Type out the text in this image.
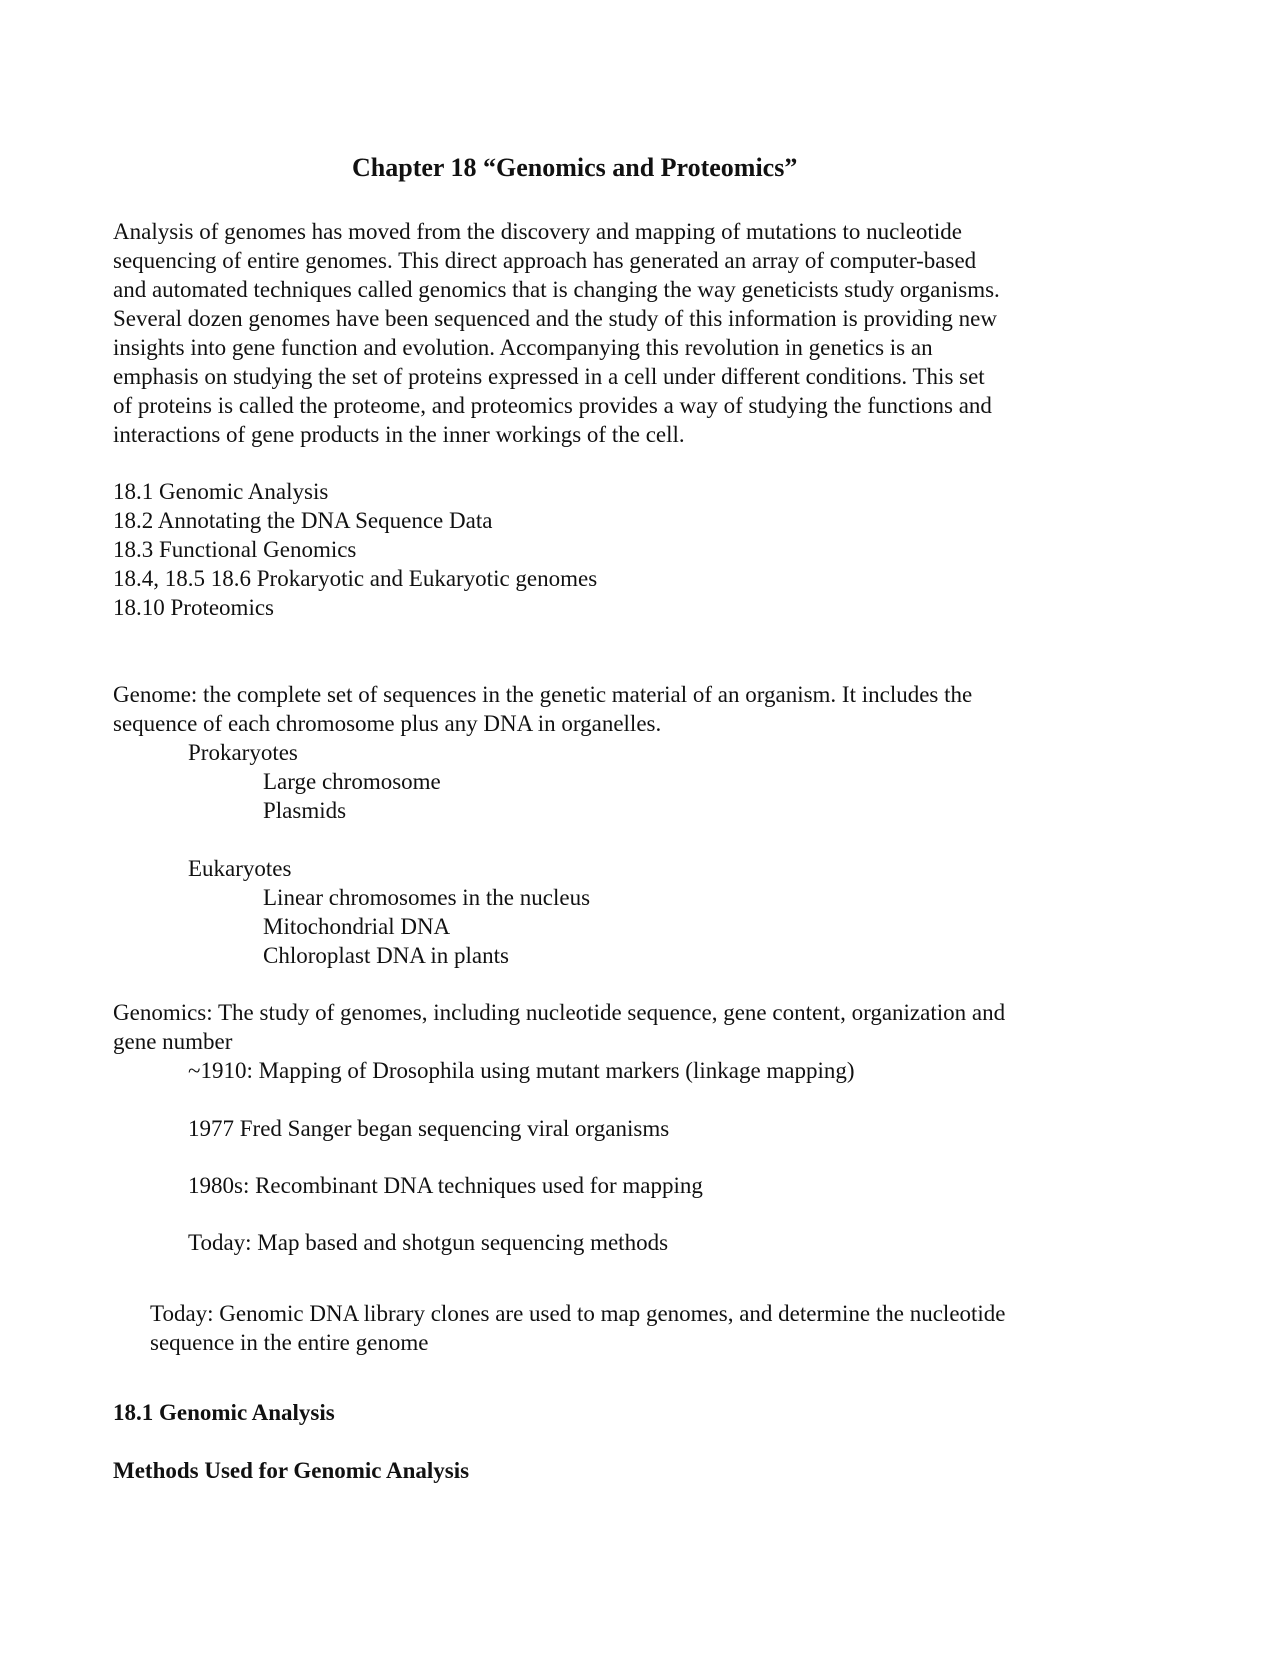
Chapter 18 “Genomics and Proteomics”

Analysis of genomes has moved from the discovery and mapping of mutations to nucleotide

sequencing of entire genomes. This direct approach has generated an array of computer-based

and automated techniques called genomics that is changing the way geneticists study organisms.

Several dozen genomes have been sequenced and the study of this information is providing new

insights into gene function and evolution. Accompanying this revolution in genetics is an

emphasis on studying the set of proteins expressed in a cell under different conditions. This set

of proteins is called the proteome, and proteomics provides a way of studying the functions and

interactions of gene products in the inner workings of the cell.

18.1 Genomic Analysis

18.2 Annotating the DNA Sequence Data

18.3 Functional Genomics

18.4, 18.5 18.6 Prokaryotic and Eukaryotic genomes

18.10 Proteomics

Genome: the complete set of sequences in the genetic material of an organism. It includes the

sequence of each chromosome plus any DNA in organelles.

Prokaryotes

Large chromosome

Plasmids

Eukaryotes

Linear chromosomes in the nucleus

Mitochondrial DNA

Chloroplast DNA in plants

Genomics: The study of genomes, including nucleotide sequence, gene content, organization and

gene number

~1910: Mapping of Drosophila using mutant markers (linkage mapping)

1977 Fred Sanger began sequencing viral organisms

1980s: Recombinant DNA techniques used for mapping

Today: Map based and shotgun sequencing methods

Today: Genomic DNA library clones are used to map genomes, and determine the nucleotide

sequence in the entire genome

18.1 Genomic Analysis

Methods Used for Genomic Analysis
